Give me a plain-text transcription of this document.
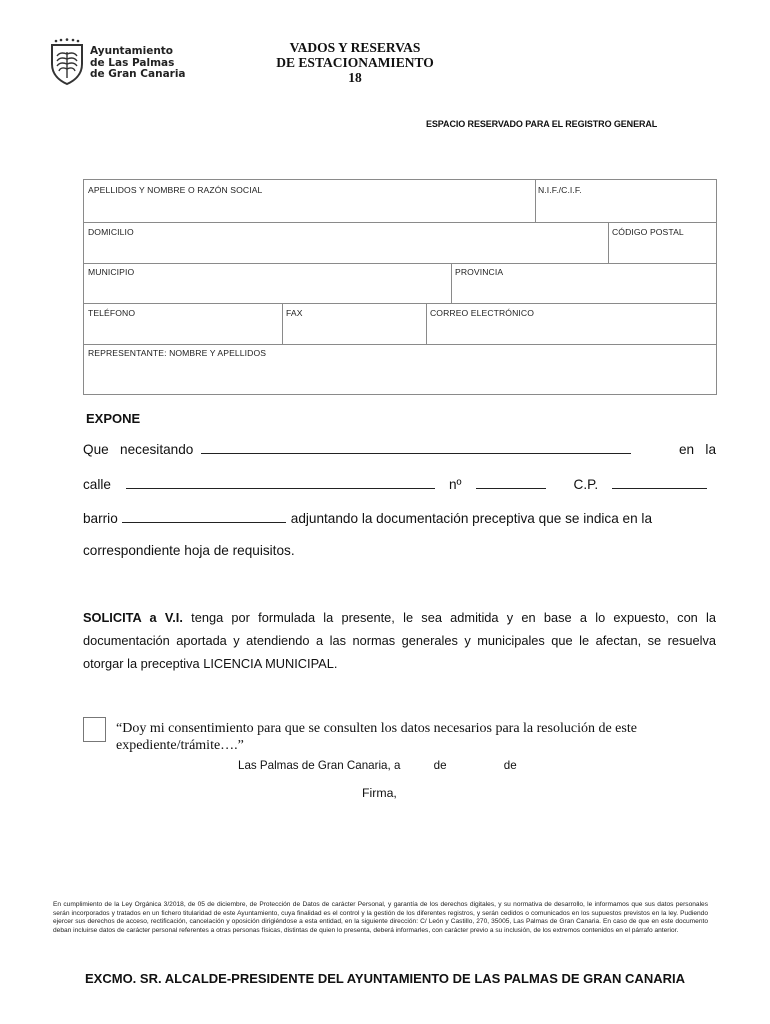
Ayuntamiento
de Las Palmas
de Gran Canaria
VADOS Y RESERVAS
DE ESTACIONAMIENTO
18
ESPACIO RESERVADO PARA EL REGISTRO GENERAL
APELLIDOS Y NOMBRE O RAZÓN SOCIAL	N.I.F./C.I.F.
DOMICILIO	CÓDIGO POSTAL
MUNICIPIO	PROVINCIA
TELÉFONO	FAX	CORREO ELECTRÓNICO
REPRESENTANTE: NOMBRE Y APELLIDOS
EXPONE
Que   necesitando	en   la
calle	nº	C.P.
barrio	adjuntando la documentación preceptiva que se indica en la
correspondiente hoja de requisitos.
SOLICITA a V.I. tenga por formulada la presente, le sea admitida y en base a lo expuesto, con la documentación aportada y atendiendo a las normas generales y municipales que le afectan, se resuelva otorgar la preceptiva LICENCIA MUNICIPAL.
“Doy mi consentimiento para que se consulten los datos necesarios para la resolución de este expediente/trámite….”
Las Palmas de Gran Canaria, a	de	de
Firma,
En cumplimiento de la Ley Orgánica 3/2018, de 05 de diciembre, de Protección de Datos de carácter Personal, y garantía de los derechos digitales, y su normativa de desarrollo, le informamos que sus datos personales serán incorporados y tratados en un fichero titularidad de este Ayuntamiento, cuya finalidad es el control y la gestión de los diferentes registros, y serán cedidos o comunicados en los supuestos previstos en la ley. Pudiendo ejercer sus derechos de acceso, rectificación, cancelación y oposición dirigiéndose a esta entidad, en la siguiente dirección: C/ León y Castillo, 270, 35005, Las Palmas de Gran Canaria. En caso de que en este documento deban incluirse datos de carácter personal referentes a otras personas físicas, distintas de quien lo presenta, deberá informarles, con carácter previo a su inclusión, de los extremos contenidos en el párrafo anterior.
EXCMO. SR. ALCALDE-PRESIDENTE DEL AYUNTAMIENTO DE LAS PALMAS DE GRAN CANARIA
